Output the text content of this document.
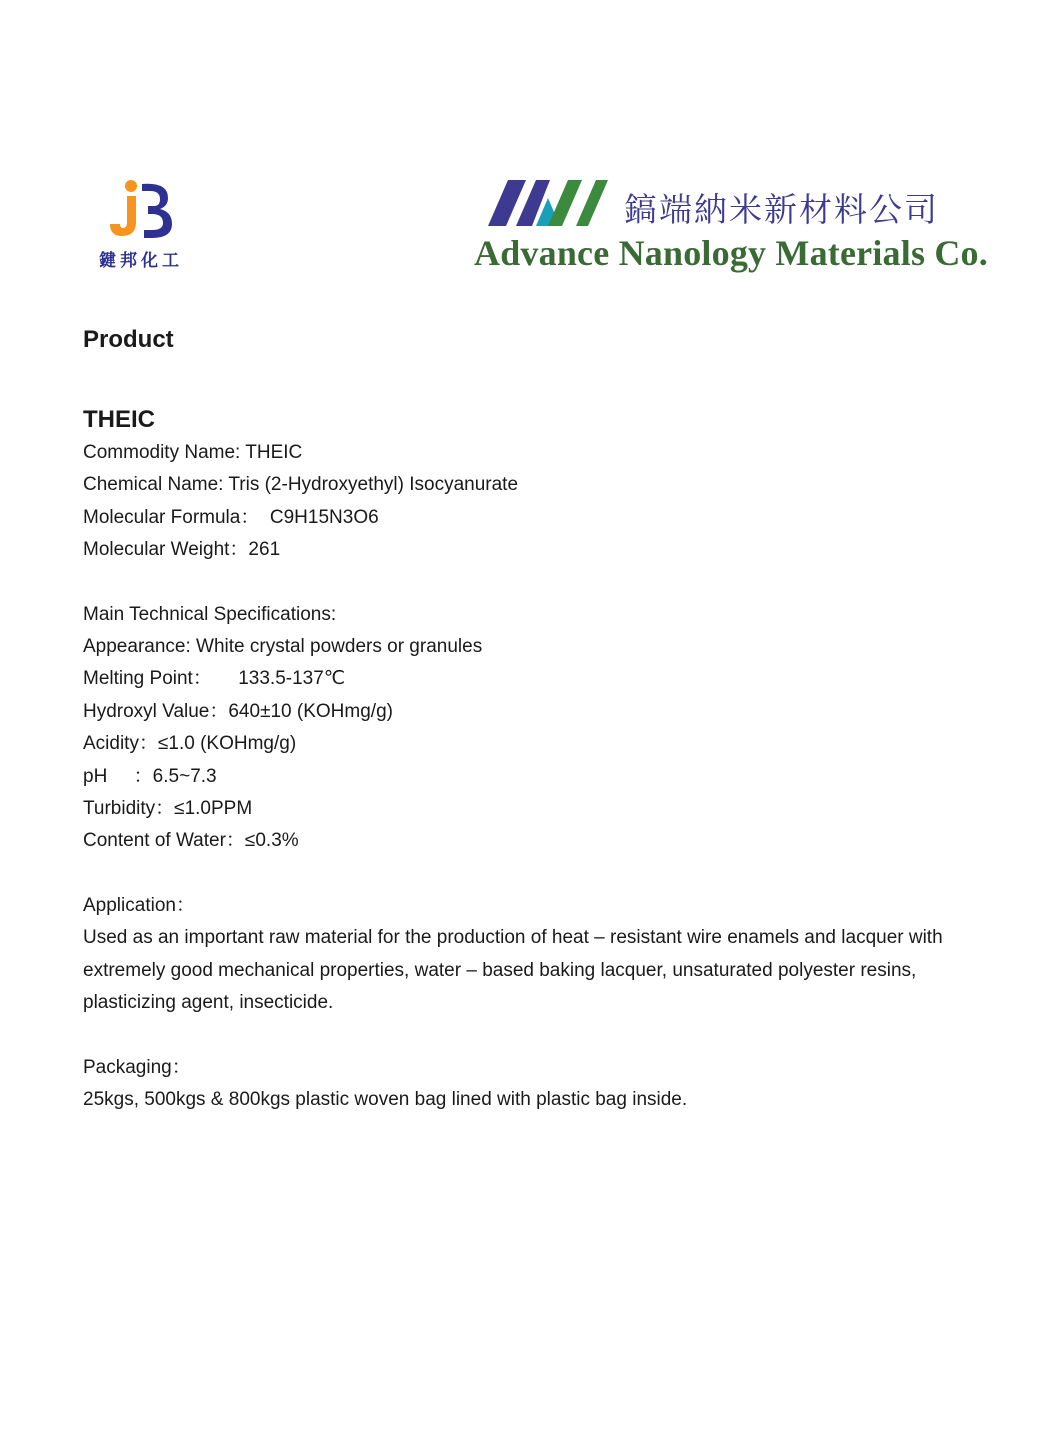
鍵邦化工
鎬端納米新材料公司
Advance Nanology Materials Co.
Product
THEIC

Commodity Name: THEIC

Chemical Name: Tris (2-Hydroxyethyl) Isocyanurate

Molecular Formula：  C9H15N3O6

Molecular Weight：261

Main Technical Specifications:

Appearance: White crystal powders or granules

Melting Point：     133.5-137℃

Hydroxyl Value：640±10 (KOHmg/g)

Acidity：≤1.0 (KOHmg/g)

pH     ：6.5~7.3

Turbidity：≤1.0PPM

Content of Water：≤0.3%

Application：

Used as an important raw material for the production of heat – resistant wire enamels and lacquer with extremely good mechanical properties, water – based baking lacquer, unsaturated polyester resins, plasticizing agent, insecticide.

Packaging：

25kgs, 500kgs & 800kgs plastic woven bag lined with plastic bag inside.
